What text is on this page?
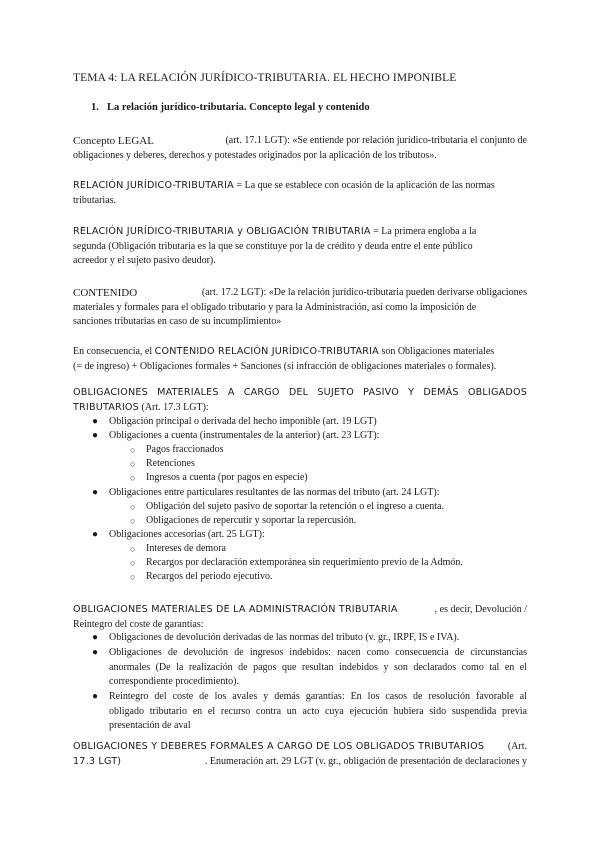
TEMA 4: LA RELACIÓN JURÍDICO-TRIBUTARIA. EL HECHO IMPONIBLE
1. La relación jurídico-tributaria. Concepto legal y contenido
Concepto LEGAL	(art. 17.1 LGT): «Se entiende por relación jurídico-tributaria el conjunto de
obligaciones y deberes, derechos y potestades originados por la aplicación de los tributos».
RELACIÓN JURÍDICO-TRIBUTARIA = La que se establece con ocasión de la aplicación de las normas
tributarias.
RELACIÓN JURÍDICO-TRIBUTARIA y OBLIGACIÓN TRIBUTARIA = La primera engloba a la
segunda (Obligación tributaria es la que se constituye por la de crédito y deuda entre el ente público
acreedor y el sujeto pasivo deudor).
CONTENIDO	(art. 17.2 LGT): «De la relación jurídico-tributaria pueden derivarse obligaciones
materiales y formales para el obligado tributario y para la Administración, así como la imposición de
sanciones tributarias en caso de su incumplimiento»
En consecuencia, el CONTENIDO RELACIÓN JURÍDICO-TRIBUTARIA son Obligaciones materiales
(= de ingreso) + Obligaciones formales + Sanciones (si infracción de obligaciones materiales o formales).
OBLIGACIONES MATERIALES A CARGO DEL SUJETO PASIVO Y DEMÁS OBLIGADOS
TRIBUTARIOS (Art. 17.3 LGT):
● Obligación principal o derivada del hecho imponible (art. 19 LGT)
● Obligaciones a cuenta (instrumentales de la anterior) (art. 23 LGT):
○	Pagos fraccionados
○	Retenciones
○	Ingresos a cuenta (por pagos en especie)
● Obligaciones entre particulares resultantes de las normas del tributo (art. 24 LGT):
○	Obligación del sujeto pasivo de soportar la retención o el ingreso a cuenta.
○	Obligaciones de repercutir y soportar la repercusión.
● Obligaciones accesorias (art. 25 LGT):
○	Intereses de demora
○	Recargos por declaración extemporánea sin requerimiento previo de la Admón.
○	Recargos del periodo ejecutivo.
OBLIGACIONES MATERIALES DE LA ADMINISTRACIÓN TRIBUTARIA	, es decir, Devolución /
Reintegro del coste de garantías:
● Obligaciones de devolución derivadas de las normas del tributo (v. gr., IRPF, IS e IVA).
● Obligaciones de devolución de ingresos indebidos: nacen como consecuencia de circunstancias
anormales (De la realización de pagos que resultan indebidos y son declarados como tal en el
correspondiente procedimiento).
● Reintegro del coste de los avales y demás garantías: En los casos de resolución favorable al
obligado tributario en el recurso contra un acto cuya ejecución hubiera sido suspendida previa
presentación de aval
OBLIGACIONES Y DEBERES FORMALES A CARGO DE LOS OBLIGADOS TRIBUTARIOS (Art.
17.3 LGT)	. Enumeración art. 29 LGT (v. gr., obligación de presentación de declaraciones y
